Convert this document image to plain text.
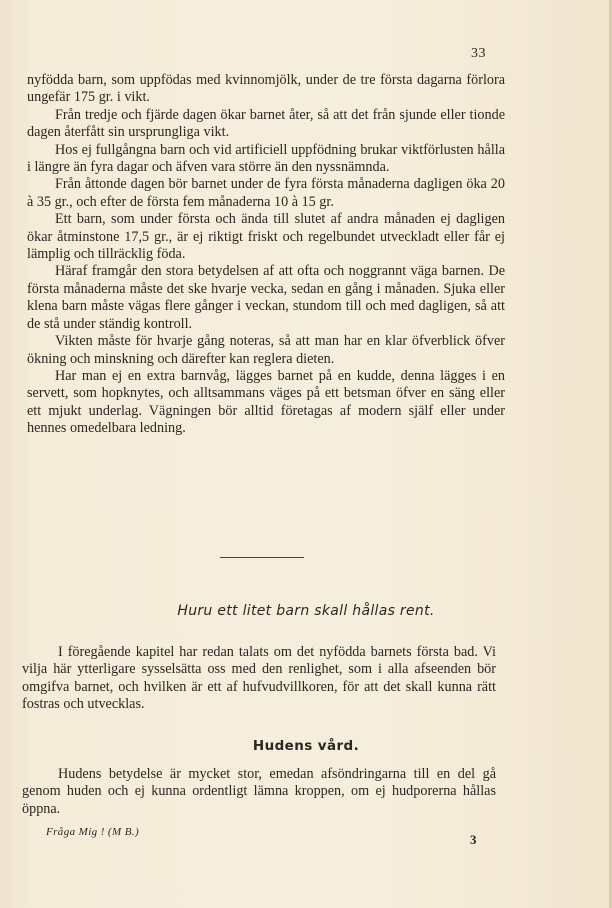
33

nyfödda barn, som uppfödas med kvinnomjölk, under de tre första dagarna förlora ungefär 175 gr. i vikt.

Från tredje och fjärde dagen ökar barnet åter, så att det från sjunde eller tionde dagen återfått sin ursprungliga vikt.

Hos ej fullgångna barn och vid artificiell uppfödning brukar viktförlusten hålla i längre än fyra dagar och äfven vara större än den nyssnämnda.

Från åttonde dagen bör barnet under de fyra första månaderna dagligen öka 20 à 35 gr., och efter de första fem månaderna 10 à 15 gr.

Ett barn, som under första och ända till slutet af andra månaden ej dagligen ökar åtminstone 17,5 gr., är ej riktigt friskt och regelbundet utveckladt eller får ej lämplig och tillräcklig föda.

Häraf framgår den stora betydelsen af att ofta och noggrannt väga barnen. De första månaderna måste det ske hvarje vecka, sedan en gång i månaden. Sjuka eller klena barn måste vägas flere gånger i veckan, stundom till och med dagligen, så att de stå under ständig kontroll.

Vikten måste för hvarje gång noteras, så att man har en klar öfverblick öfver ökning och minskning och därefter kan reglera dieten.

Har man ej en extra barnvåg, lägges barnet på en kudde, denna lägges i en servett, som hopknytes, och alltsammans väges på ett betsman öfver en säng eller ett mjukt underlag. Vägningen bör alltid företagas af modern själf eller under hennes omedelbara ledning.

Huru ett litet barn skall hållas rent.

I föregående kapitel har redan talats om det nyfödda barnets första bad. Vi vilja här ytterligare sysselsätta oss med den renlighet, som i alla afseenden bör omgifva barnet, och hvilken är ett af hufvudvillkoren, för att det skall kunna rätt fostras och utvecklas.

Hudens vård.

Hudens betydelse är mycket stor, emedan afsöndringarna till en del gå genom huden och ej kunna ordentligt lämna kroppen, om ej hudporerna hållas öppna.

Fråga Mig ! (M B.)	3
